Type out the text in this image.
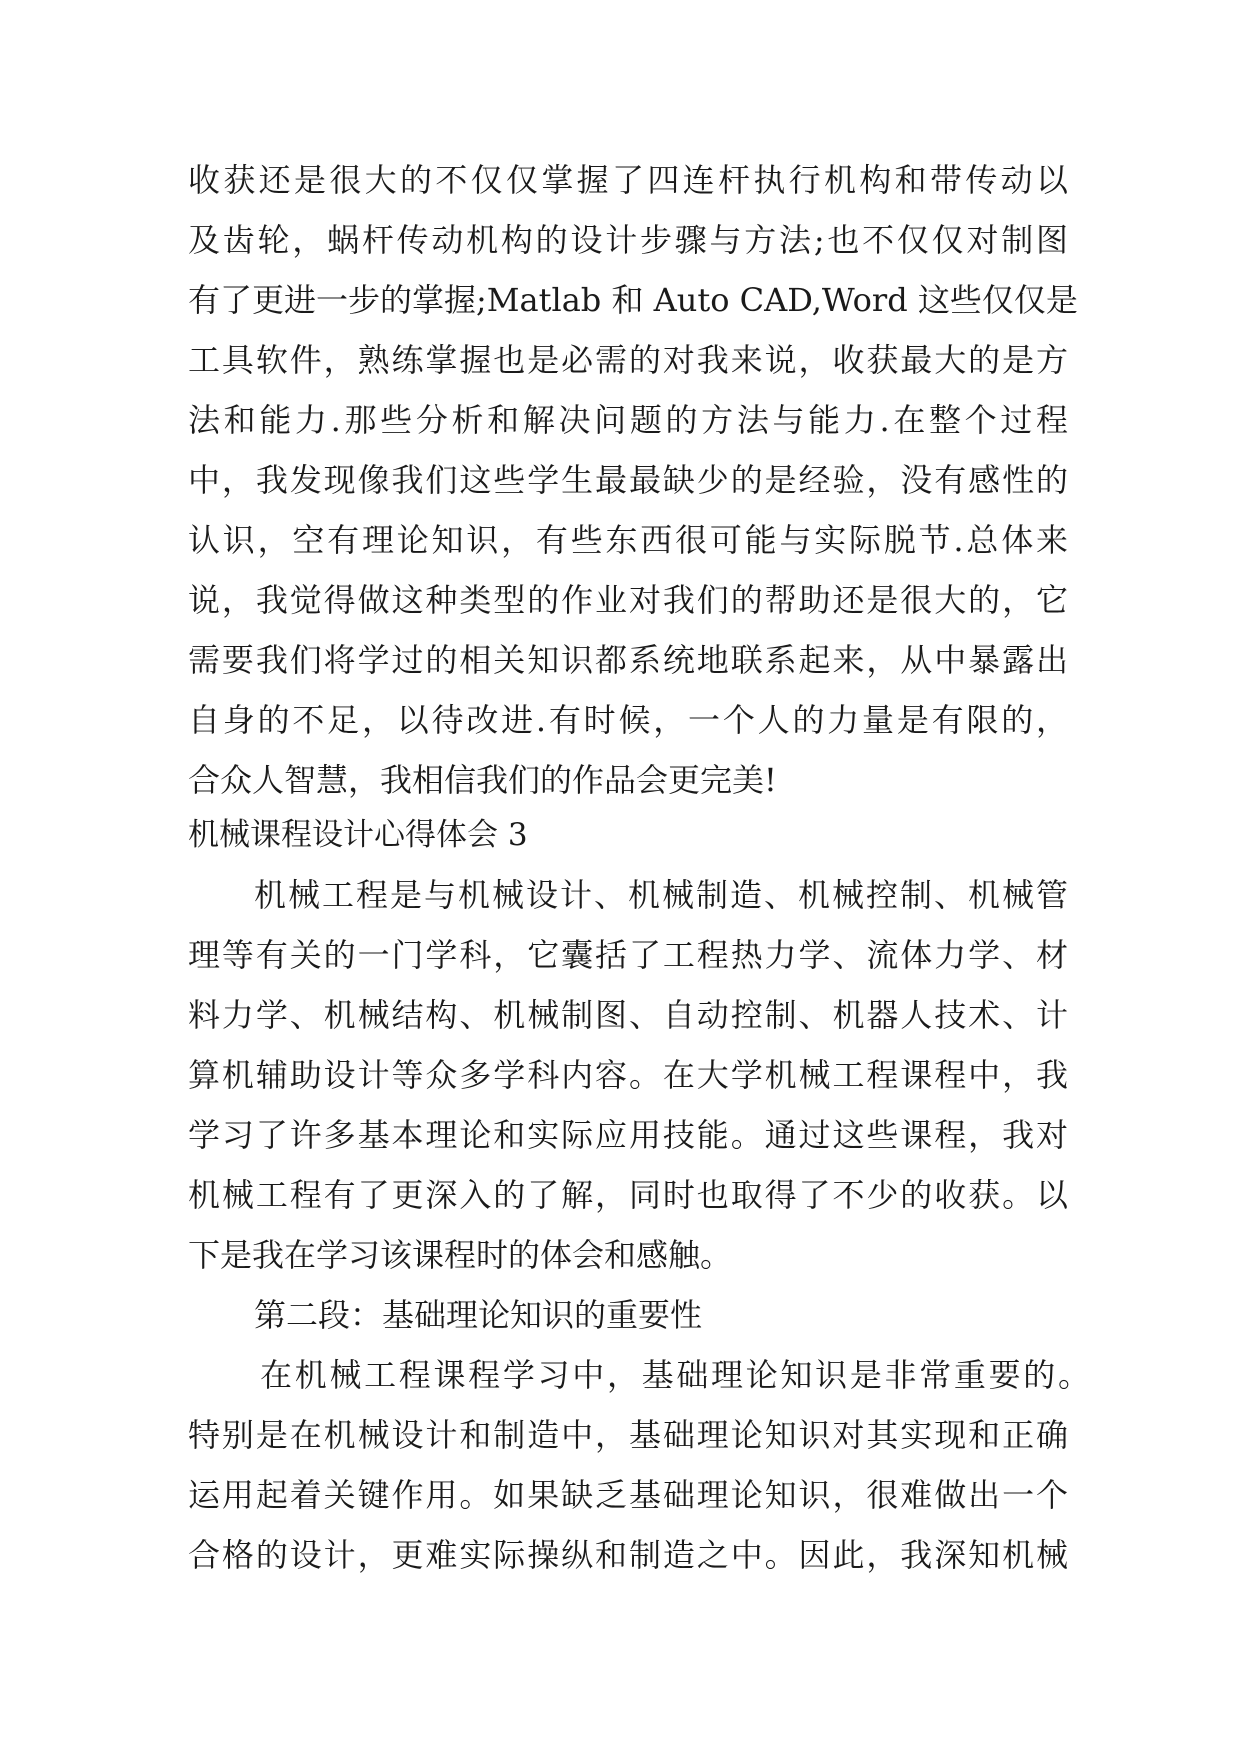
收获还是很大的不仅仅掌握了四连杆执行机构和带传动以
及齿轮，蜗杆传动机构的设计步骤与方法;也不仅仅对制图
有了更进一步的掌握;Matlab 和 Auto CAD,Word 这些仅仅是
工具软件，熟练掌握也是必需的对我来说，收获最大的是方
法和能力.那些分析和解决问题的方法与能力.在整个过程
中，我发现像我们这些学生最最缺少的是经验，没有感性的
认识，空有理论知识，有些东西很可能与实际脱节.总体来
说，我觉得做这种类型的作业对我们的帮助还是很大的，它
需要我们将学过的相关知识都系统地联系起来，从中暴露出
自身的不足，以待改进.有时候，一个人的力量是有限的，
合众人智慧，我相信我们的作品会更完美!
机械课程设计心得体会 3
机械工程是与机械设计、机械制造、机械控制、机械管
理等有关的一门学科，它囊括了工程热力学、流体力学、材
料力学、机械结构、机械制图、自动控制、机器人技术、计
算机辅助设计等众多学科内容。在大学机械工程课程中，我
学习了许多基本理论和实际应用技能。通过这些课程，我对
机械工程有了更深入的了解，同时也取得了不少的收获。以
下是我在学习该课程时的体会和感触。
第二段：基础理论知识的重要性
在机械工程课程学习中，基础理论知识是非常重要的。
特别是在机械设计和制造中，基础理论知识对其实现和正确
运用起着关键作用。如果缺乏基础理论知识，很难做出一个
合格的设计，更难实际操纵和制造之中。因此，我深知机械
